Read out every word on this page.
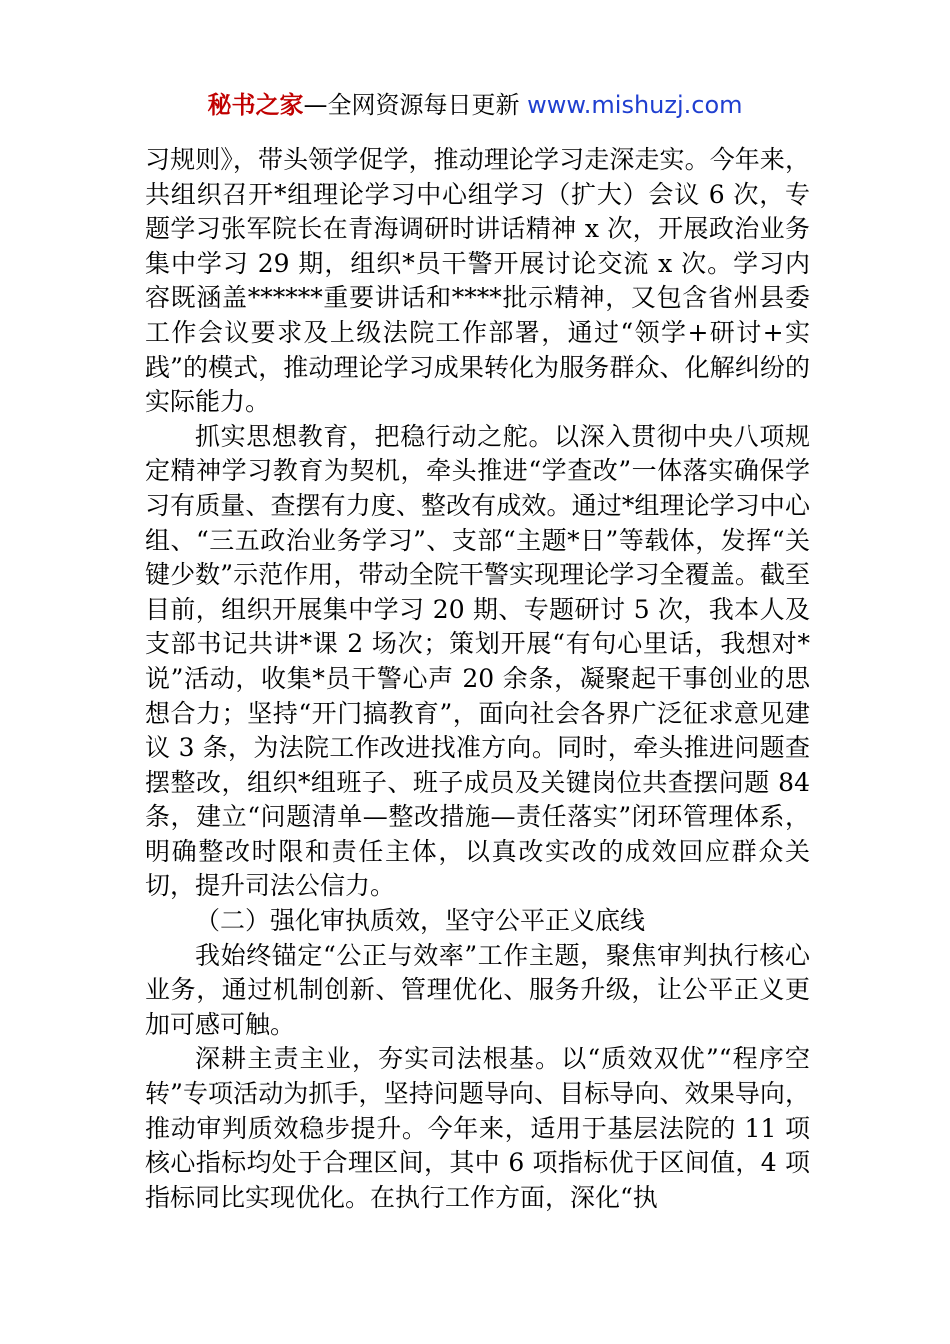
秘书之家—全网资源每日更新 www.mishuzj.com

习规则》，带头领学促学，推动理论学习走深走实。今年来，共组织召开*组理论学习中心组学习（扩大）会议 6 次，专题学习张军院长在青海调研时讲话精神 x 次，开展政治业务集中学习 29 期，组织*员干警开展讨论交流 x 次。学习内容既涵盖******重要讲话和****批示精神，又包含省州县委工作会议要求及上级法院工作部署，通过“领学+研讨+实践”的模式，推动理论学习成果转化为服务群众、化解纠纷的实际能力。

抓实思想教育，把稳行动之舵。以深入贯彻中央八项规定精神学习教育为契机，牵头推进“学查改”一体落实确保学习有质量、查摆有力度、整改有成效。通过*组理论学习中心组、“三五政治业务学习”、支部“主题*日”等载体，发挥“关键少数”示范作用，带动全院干警实现理论学习全覆盖。截至目前，组织开展集中学习 20 期、专题研讨 5 次，我本人及支部书记共讲*课 2 场次；策划开展“有句心里话，我想对*说”活动，收集*员干警心声 20 余条，凝聚起干事创业的思想合力；坚持“开门搞教育”，面向社会各界广泛征求意见建议 3 条，为法院工作改进找准方向。同时，牵头推进问题查摆整改，组织*组班子、班子成员及关键岗位共查摆问题 84 条，建立“问题清单—整改措施—责任落实”闭环管理体系，明确整改时限和责任主体，以真改实改的成效回应群众关切，提升司法公信力。

（二）强化审执质效，坚守公平正义底线

我始终锚定“公正与效率”工作主题，聚焦审判执行核心业务，通过机制创新、管理优化、服务升级，让公平正义更加可感可触。

深耕主责主业，夯实司法根基。以“质效双优”“程序空转”专项活动为抓手，坚持问题导向、目标导向、效果导向，推动审判质效稳步提升。今年来，适用于基层法院的 11 项核心指标均处于合理区间，其中 6 项指标优于区间值，4 项指标同比实现优化。在执行工作方面，深化“执
